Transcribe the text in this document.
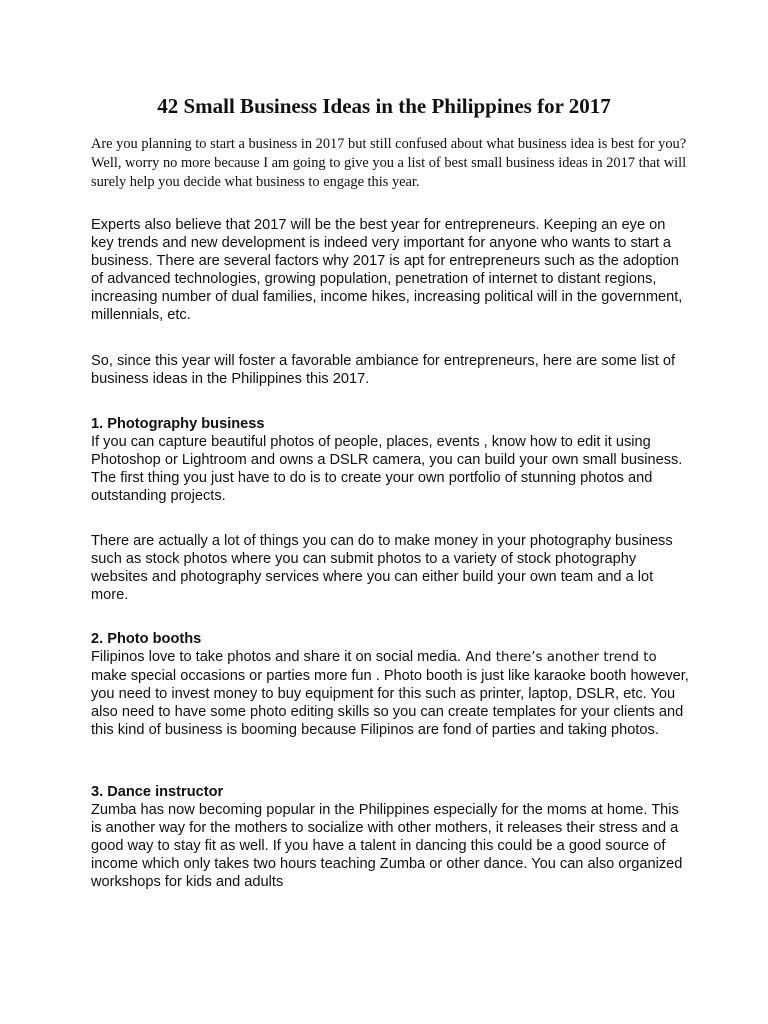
42 Small Business Ideas in the Philippines for 2017
Are you planning to start a business in 2017 but still confused about what business idea is best for you? Well, worry no more because I am going to give you a list of best small business ideas in 2017 that will surely help you decide what business to engage this year.
Experts also believe that 2017 will be the best year for entrepreneurs. Keeping an eye on key trends and new development is indeed very important for anyone who wants to start a business. There are several factors why 2017 is apt for entrepreneurs such as the adoption of advanced technologies, growing population, penetration of internet to distant regions, increasing number of dual families, income hikes, increasing political will in the government, millennials, etc.
So, since this year will foster a favorable ambiance for entrepreneurs, here are some list of business ideas in the Philippines this 2017.
1. Photography business
If you can capture beautiful photos of people, places, events , know how to edit it using Photoshop or Lightroom and owns a DSLR camera, you can build your own small business. The first thing you just have to do is to create your own portfolio of stunning photos and outstanding projects.
There are actually a lot of things you can do to make money in your photography business such as stock photos where you can submit photos to a variety of stock photography websites and photography services where you can either build your own team and a lot more.
2. Photo booths
Filipinos love to take photos and share it on social media. And there’s another trend to make special occasions or parties more fun . Photo booth is just like karaoke booth however, you need to invest money to buy equipment for this such as printer, laptop, DSLR, etc. You also need to have some photo editing skills so you can create templates for your clients and this kind of business is booming because Filipinos are fond of parties and taking photos.
3. Dance instructor
Zumba has now becoming popular in the Philippines especially for the moms at home. This is another way for the mothers to socialize with other mothers, it releases their stress and a good way to stay fit as well. If you have a talent in dancing this could be a good source of income which only takes two hours teaching Zumba or other dance. You can also organized workshops for kids and adults
